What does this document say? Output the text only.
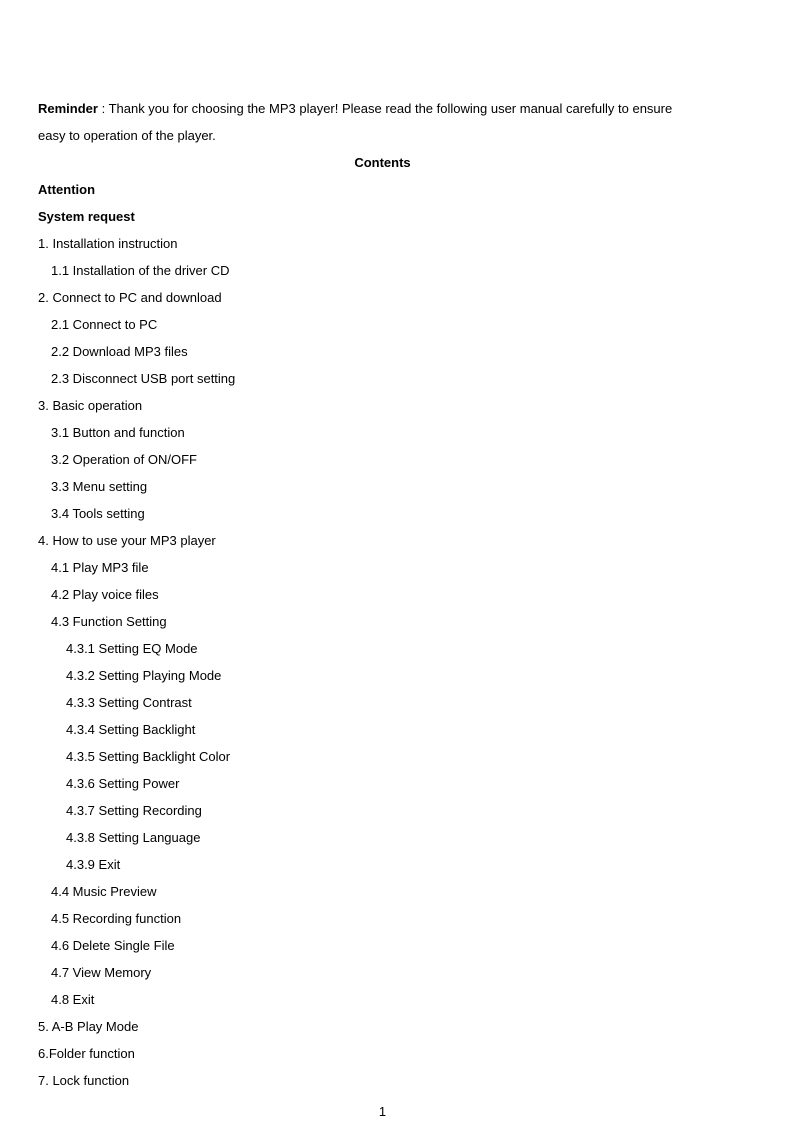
Reminder : Thank you for choosing the MP3 player! Please read the following user manual carefully to ensure
easy to operation of the player.

Contents
Attention
System request
1. Installation instruction
1.1 Installation of the driver CD
2. Connect to PC and download
2.1 Connect to PC
2.2 Download MP3 files
2.3 Disconnect USB port setting
3. Basic operation
3.1 Button and function
3.2 Operation of ON/OFF
3.3 Menu setting
3.4 Tools setting
4. How to use your MP3 player
4.1 Play MP3 file
4.2 Play voice files
4.3 Function Setting
4.3.1 Setting EQ Mode
4.3.2 Setting Playing Mode
4.3.3 Setting Contrast
4.3.4 Setting Backlight
4.3.5 Setting Backlight Color
4.3.6 Setting Power
4.3.7 Setting Recording
4.3.8 Setting Language
4.3.9 Exit
4.4 Music Preview
4.5 Recording function
4.6 Delete Single File
4.7 View Memory
4.8 Exit
5. A-B Play Mode
6.Folder function
7. Lock function
1
